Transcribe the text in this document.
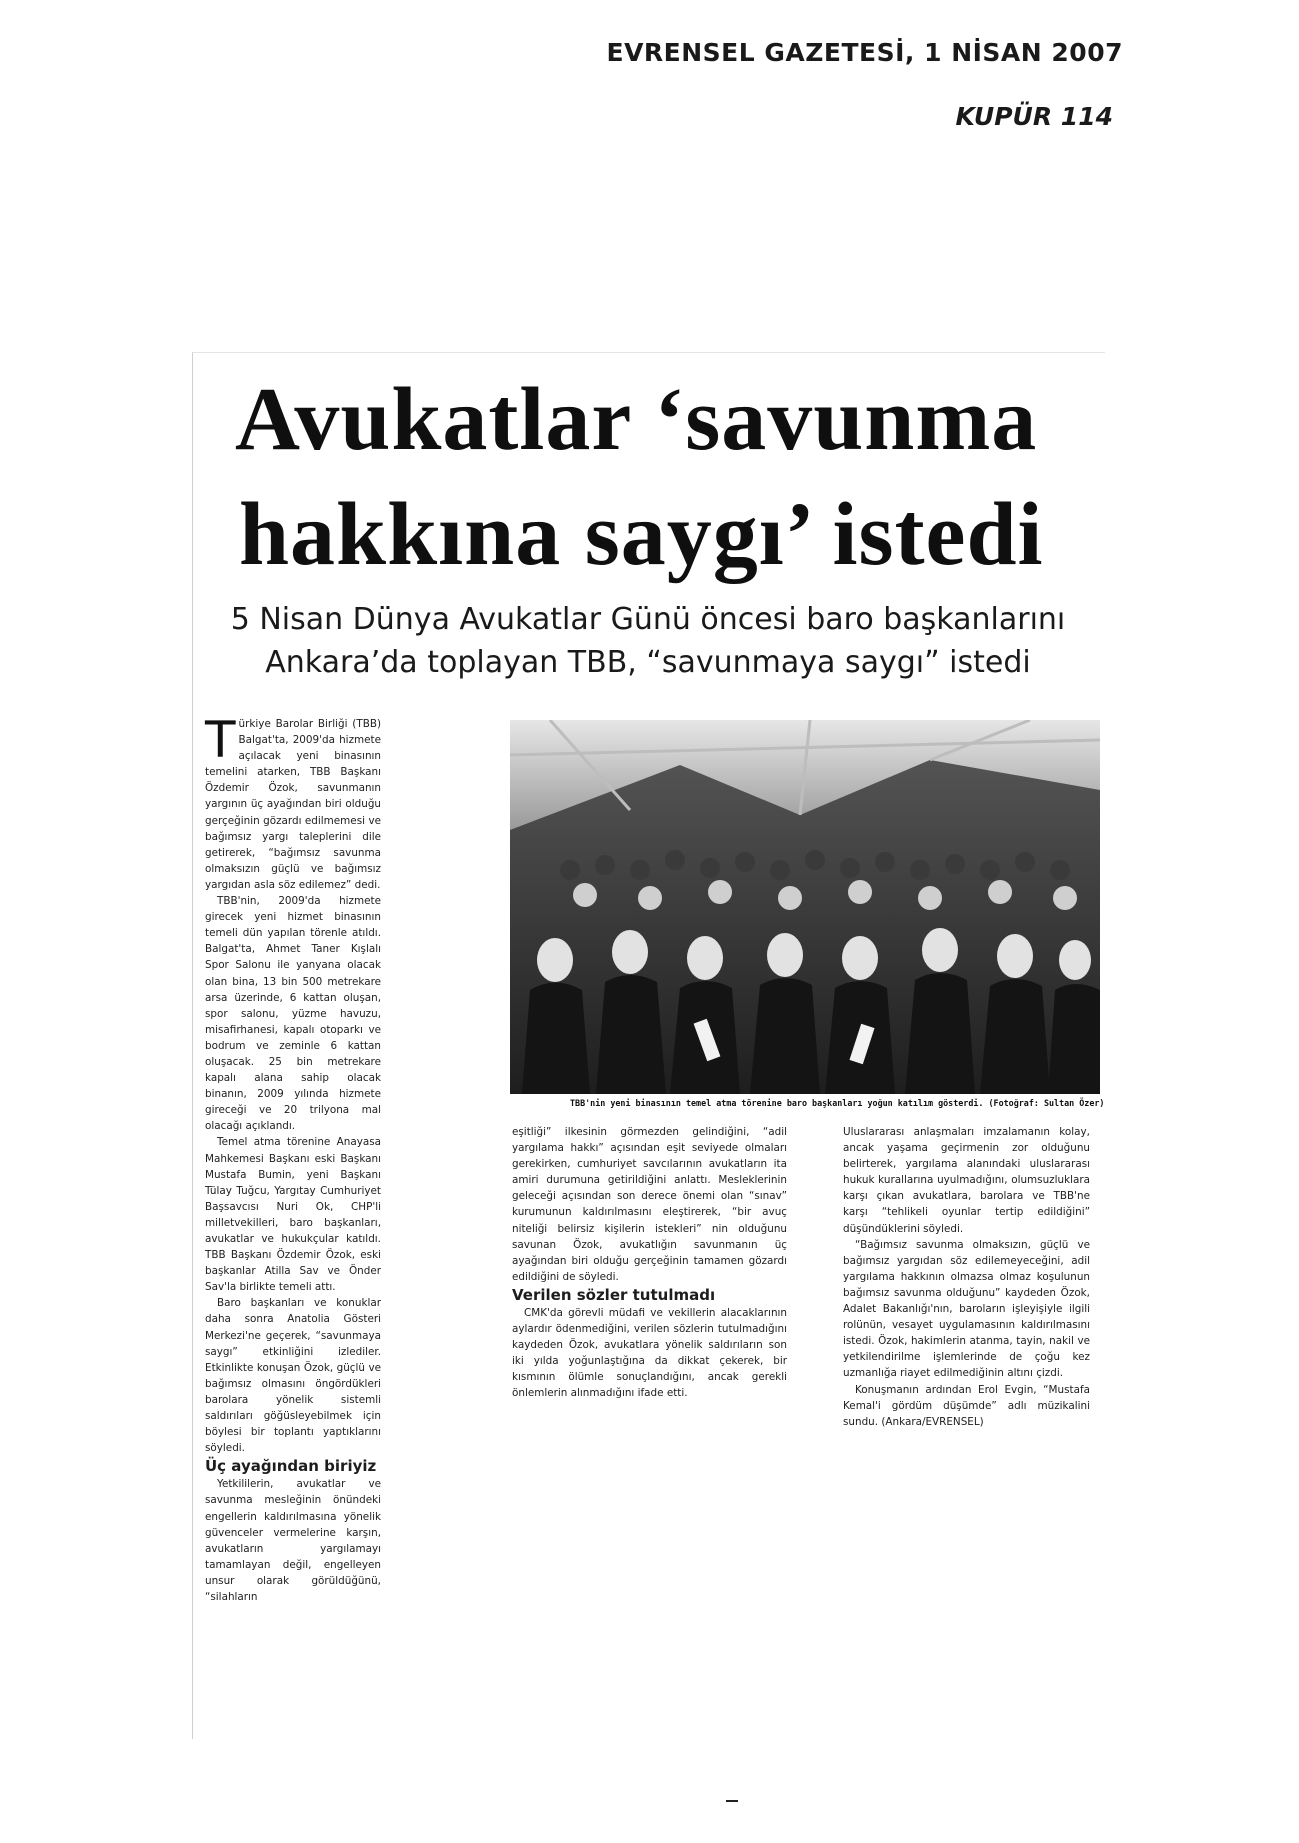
EVRENSEL GAZETESİ, 1 NİSAN 2007
KUPÜR 114
Avukatlar ‘savunma
hakkına saygı’ istedi
5 Nisan Dünya Avukatlar Günü öncesi baro başkanlarını
Ankara’da toplayan TBB, “savunmaya saygı” istedi

Türkiye Barolar Birliği (TBB) Balgat'ta, 2009'da hizmete açılacak yeni binasının temelini atarken, TBB Başkanı Özdemir Özok, savunmanın yargının üç ayağından biri olduğu gerçeğinin gözardı edilmemesi ve bağımsız yargı taleplerini dile getirerek, “bağımsız savunma olmaksızın güçlü ve bağımsız yargıdan asla söz edilemez” dedi.

TBB'nin, 2009'da hizmete girecek yeni hizmet binasının temeli dün yapılan törenle atıldı. Balgat'ta, Ahmet Taner Kışlalı Spor Salonu ile yanyana olacak olan bina, 13 bin 500 metrekare arsa üzerinde, 6 kattan oluşan, spor salonu, yüzme havuzu, misafirhanesi, kapalı otoparkı ve bodrum ve zeminle 6 kattan oluşacak. 25 bin metrekare kapalı alana sahip olacak binanın, 2009 yılında hizmete gireceği ve 20 trilyona mal olacağı açıklandı.

Temel atma törenine Anayasa Mahkemesi Başkanı eski Başkanı Mustafa Bumin, yeni Başkanı Tülay Tuğcu, Yargıtay Cumhuriyet Başsavcısı Nuri Ok, CHP'li milletvekilleri, baro başkanları, avukatlar ve hukukçular katıldı. TBB Başkanı Özdemir Özok, eski başkanlar Atilla Sav ve Önder Sav'la birlikte temeli attı.

Baro başkanları ve konuklar daha sonra Anatolia Gösteri Merkezi'ne geçerek, “savunmaya saygı” etkinliğini izlediler. Etkinlikte konuşan Özok, güçlü ve bağımsız olmasını öngördükleri barolara yönelik sistemli saldırıları göğüsleyebilmek için böylesi bir toplantı yaptıklarını söyledi.

Üç ayağından biriyiz

Yetkililerin, avukatlar ve savunma mesleğinin önündeki engellerin kaldırılmasına yönelik güvenceler vermelerine karşın, avukatların yargılamayı tamamlayan değil, engelleyen unsur olarak görüldüğünü, “silahların

TBB'nin yeni binasının temel atma törenine baro başkanları yoğun katılım gösterdi. (Fotoğraf: Sultan Özer)

eşitliği” ilkesinin görmezden gelindiğini, “adil yargılama hakkı” açısından eşit seviyede olmaları gerekirken, cumhuriyet savcılarının avukatların ita amiri durumuna getirildiğini anlattı. Mesleklerinin geleceği açısından son derece önemi olan “sınav” kurumunun kaldırılmasını eleştirerek, “bir avuç niteliği belirsiz kişilerin istekleri” nin olduğunu savunan Özok, avukatlığın savunmanın üç ayağından biri olduğu gerçeğinin tamamen gözardı edildiğini de söyledi.

Verilen sözler tutulmadı

CMK'da görevli müdafi ve vekillerin alacaklarının aylardır ödenmediğini, verilen sözlerin tutulmadığını kaydeden Özok, avukatlara yönelik saldırıların son iki yılda yoğunlaştığına da dikkat çekerek, bir kısmının ölümle sonuçlandığını, ancak gerekli önlemlerin alınmadığını ifade etti.

Uluslararası anlaşmaları imzalamanın kolay, ancak yaşama geçirmenin zor olduğunu belirterek, yargılama alanındaki uluslararası hukuk kurallarına uyulmadığını, olumsuzluklara karşı çıkan avukatlara, barolara ve TBB'ne karşı “tehlikeli oyunlar tertip edildiğini” düşündüklerini söyledi.

“Bağımsız savunma olmaksızın, güçlü ve bağımsız yargıdan söz edilemeyeceğini, adil yargılama hakkının olmazsa olmaz koşulunun bağımsız savunma olduğunu” kaydeden Özok, Adalet Bakanlığı'nın, baroların işleyişiyle ilgili rolünün, vesayet uygulamasının kaldırılmasını istedi. Özok, hakimlerin atanma, tayin, nakil ve yetkilendirilme işlemlerinde de çoğu kez uzmanlığa riayet edilmediğinin altını çizdi.

Konuşmanın ardından Erol Evgin, “Mustafa Kemal'i gördüm düşümde” adlı müzikalini sundu. (Ankara/EVRENSEL)
